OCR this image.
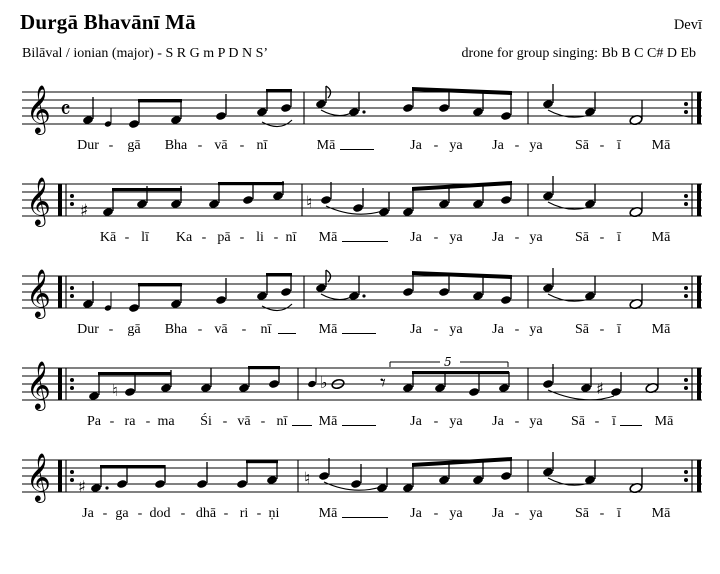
Durgā Bhavānī Mā	Devī
Bilāval / ionian (major) - S R G m P D N S’	drone for group singing: Bb B C C# D Eb
𝄞 𝄴
Dur - gā Bha - vā - nī	Mā	Ja - ya Ja - ya Sā - ī Mā
𝄞 ♯	♮
Kā - lī Ka - pā - li - nī Mā	Ja - ya Ja - ya Sā - ī Mā
𝄞
Dur - gā Bha - vā - nī	Mā	Ja - ya Ja - ya Sā - ī Mā
𝄞	♮	♭ 𝄾
5
♯
Pa - ra - ma Śi - vā - nī Mā	Ja - ya Ja - ya Sā - ī	Mā
𝄞 ♯	♮
Ja - ga - dod - dhā - ri - ṇi	Mā	Ja - ya Ja - ya Sā - ī Mā
